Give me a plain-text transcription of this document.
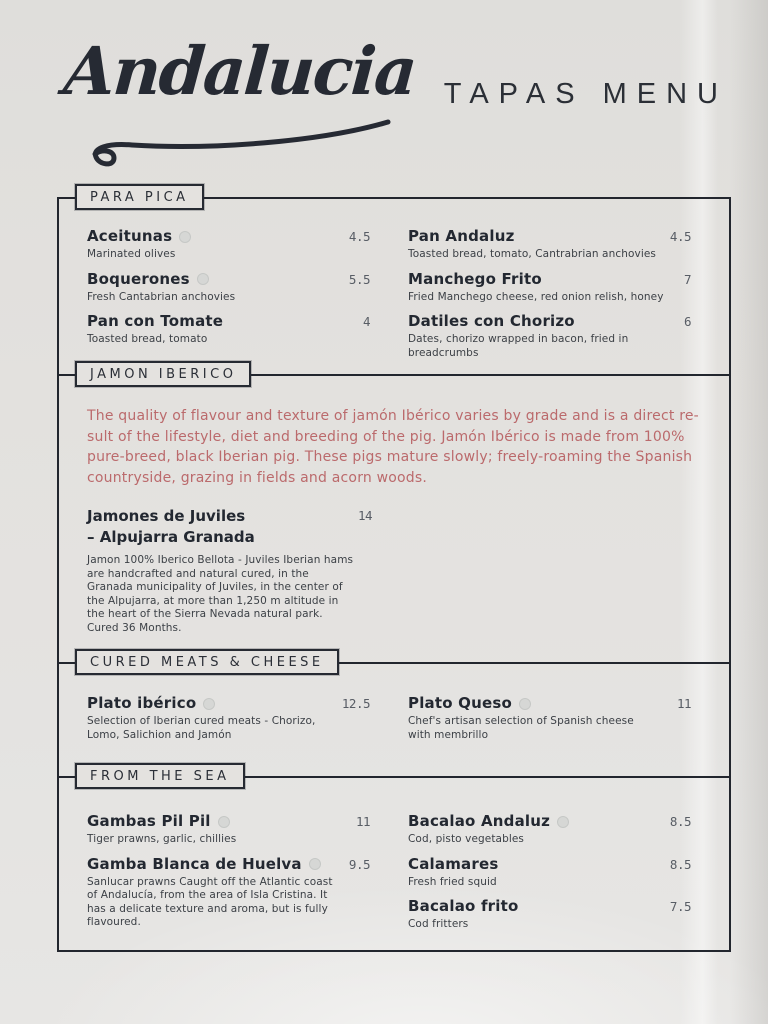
Andalucia TAPAS MENU
PARA PICA
Aceitunas	4.5
Marinated olives
Boquerones	5.5
Fresh Cantabrian anchovies
Pan con Tomate	4
Toasted bread, tomato
Pan Andaluz	4.5
Toasted bread, tomato, Cantrabrian anchovies
Manchego Frito	7
Fried Manchego cheese, red onion relish, honey
Datiles con Chorizo	6
Dates, chorizo wrapped in bacon, fried in breadcrumbs
JAMON IBERICO
The quality of flavour and texture of jamón Ibérico varies by grade and is a direct re-
sult of the lifestyle, diet and breeding of the pig. Jamón Ibérico is made from 100%
pure-breed, black Iberian pig. These pigs mature slowly; freely-roaming the Spanish
countryside, grazing in fields and acorn woods.
Jamones de Juviles
– Alpujarra Granada
14
Jamon 100% Iberico Bellota - Juviles Iberian hams are handcrafted and natural cured, in the Granada municipality of Juviles, in the center of the Alpujarra, at more than 1,250 m altitude in the heart of the Sierra Nevada natural park. Cured 36 Months.
CURED MEATS & CHEESE
Plato ibérico	12.5
Selection of Iberian cured meats - Chorizo, Lomo, Salichion and Jamón
Plato Queso	11
Chef's artisan selection of Spanish cheese with membrillo
FROM THE SEA
Gambas Pil Pil	11
Tiger prawns, garlic, chillies
Gamba Blanca de Huelva	9.5
Sanlucar prawns Caught off the Atlantic coast of Andalucía, from the area of Isla Cristina. It has a delicate texture and aroma, but is fully flavoured.
Bacalao Andaluz	8.5
Cod, pisto vegetables
Calamares	8.5
Fresh fried squid
Bacalao frito	7.5
Cod fritters
